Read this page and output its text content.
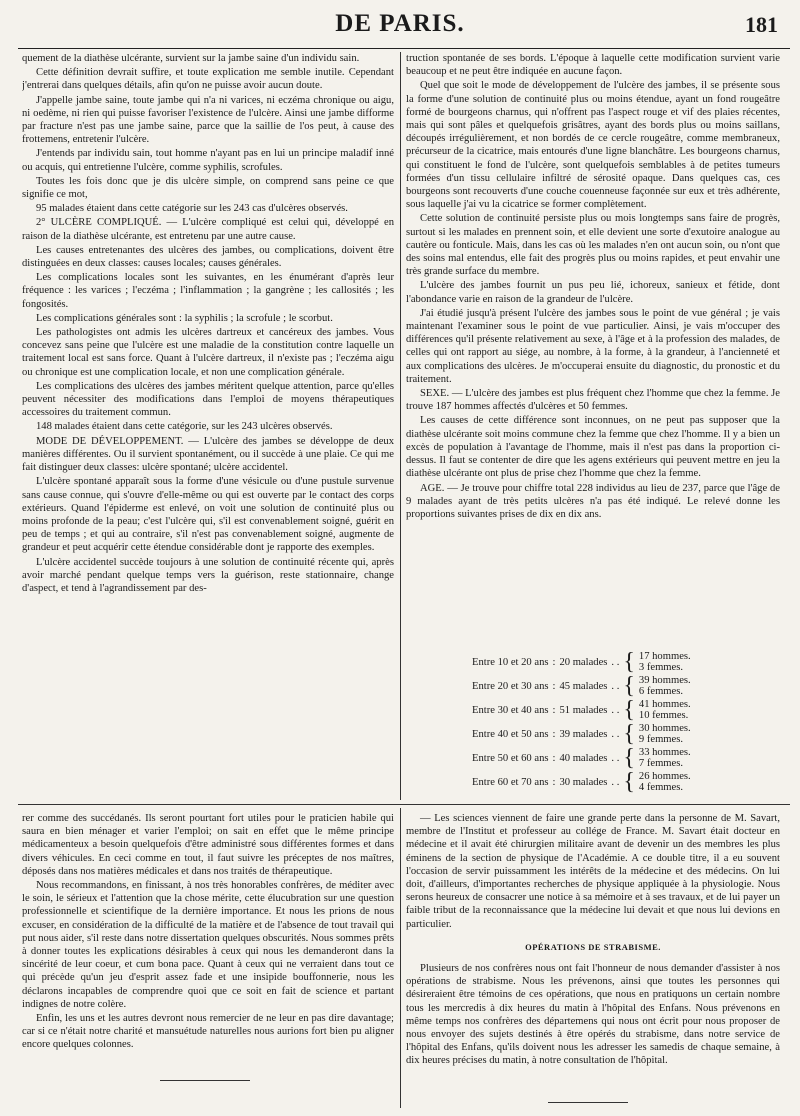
DE PARIS.	181

quement de la diathèse ulcérante, survient sur la jambe saine d'un individu sain.

Cette définition devrait suffire, et toute explication me semble inutile. Cependant j'entrerai dans quelques détails, afin qu'on ne puisse avoir aucun doute.

J'appelle jambe saine, toute jambe qui n'a ni varices, ni eczéma chronique ou aigu, ni oedème, ni rien qui puisse favoriser l'existence de l'ulcère. Ainsi une jambe difforme par fracture n'est pas une jambe saine, parce que la saillie de l'os peut, à cause des frottemens, entretenir l'ulcère.

J'entends par individu sain, tout homme n'ayant pas en lui un principe maladif inné ou acquis, qui entretienne l'ulcère, comme syphilis, scrofules.

Toutes les fois donc que je dis ulcère simple, on comprend sans peine ce que signifie ce mot,

95 malades étaient dans cette catégorie sur les 243 cas d'ulcères observés.

2° ULCÈRE COMPLIQUÉ. — L'ulcère compliqué est celui qui, développé en raison de la diathèse ulcérante, est entretenu par une autre cause.

Les causes entretenantes des ulcères des jambes, ou complications, doivent être distinguées en deux classes: causes locales; causes générales.

Les complications locales sont les suivantes, en les énumérant d'après leur fréquence : les varices ; l'eczéma ; l'inflammation ; la gangrène ; les callosités ; les fongosités.

Les complications générales sont : la syphilis ; la scrofule ; le scorbut.

Les pathologistes ont admis les ulcères dartreux et cancéreux des jambes. Vous concevez sans peine que l'ulcère est une maladie de la constitution contre laquelle un traitement local est sans force. Quant à l'ulcère dartreux, il n'existe pas ; l'eczéma aigu ou chronique est une complication locale, et non une complication générale.

Les complications des ulcères des jambes méritent quelque attention, parce qu'elles peuvent nécessiter des modifications dans l'emploi de moyens thérapeutiques accessoires du traitement commun.

148 malades étaient dans cette catégorie, sur les 243 ulcères observés.

MODE DE DÉVELOPPEMENT. — L'ulcère des jambes se développe de deux manières différentes. Ou il survient spontanément, ou il succède à une plaie. Ce qui me fait distinguer deux classes: ulcère spontané; ulcère accidentel.

L'ulcère spontané apparaît sous la forme d'une vésicule ou d'une pustule survenue sans cause connue, qui s'ouvre d'elle-même ou qui est ouverte par le contact des corps extérieurs. Quand l'épiderme est enlevé, on voit une solution de continuité plus ou moins profonde de la peau; c'est l'ulcère qui, s'il est convenablement soigné, guérit en peu de temps ; et qui au contraire, s'il n'est pas convenablement soigné, augmente de grandeur et peut acquérir cette étendue considérable dont je rapporte des exemples.

L'ulcère accidentel succède toujours à une solution de continuité récente qui, après avoir marché pendant quelque temps vers la guérison, reste stationnaire, change d'aspect, et tend à l'agrandissement par des-

truction spontanée de ses bords. L'époque à laquelle cette modification survient varie beaucoup et ne peut être indiquée en aucune façon.

Quel que soit le mode de développement de l'ulcère des jambes, il se présente sous la forme d'une solution de continuité plus ou moins étendue, ayant un fond rougeâtre formé de bourgeons charnus, qui n'offrent pas l'aspect rouge et vif des plaies récentes, mais qui sont pâles et quelquefois grisâtres, ayant des bords plus ou moins saillans, découpés irrégulièrement, et non bordés de ce cercle rougeâtre, comme membraneux, précurseur de la cicatrice, mais entourés d'une ligne blanchâtre. Les bourgeons charnus, qui constituent le fond de l'ulcère, sont quelquefois semblables à de petites tumeurs formées d'un tissu cellulaire infiltré de sérosité opaque. Dans quelques cas, ces bourgeons sont recouverts d'une couche couenneuse façonnée sur eux et très adhérente, sous laquelle j'ai vu la cicatrice se former complètement.

Cette solution de continuité persiste plus ou mois longtemps sans faire de progrès, surtout si les malades en prennent soin, et elle devient une sorte d'exutoire analogue au cautère ou fonticule. Mais, dans les cas où les malades n'en ont aucun soin, ou n'ont que des soins mal entendus, elle fait des progrès plus ou moins rapides, et peut envahir une très grande surface du membre.

L'ulcère des jambes fournit un pus peu lié, ichoreux, sanieux et fétide, dont l'abondance varie en raison de la grandeur de l'ulcère.

J'ai étudié jusqu'à présent l'ulcère des jambes sous le point de vue général ; je vais maintenant l'examiner sous le point de vue particulier. Ainsi, je vais m'occuper des différences qu'il présente relativement au sexe, à l'âge et à la profession des malades, de celles qui ont rapport au siége, au nombre, à la forme, à la grandeur, à l'ancienneté et aux complications des ulcères. Je m'occuperai ensuite du diagnostic, du pronostic et du traitement.

SEXE. — L'ulcère des jambes est plus fréquent chez l'homme que chez la femme. Je trouve 187 hommes affectés d'ulcères et 50 femmes.

Les causes de cette différence sont inconnues, on ne peut pas supposer que la diathèse ulcérante soit moins commune chez la femme que chez l'homme. Il y a bien un excès de population à l'avantage de l'homme, mais il n'est pas dans la proportion ci-dessus. Il faut se contenter de dire que les agens extérieurs qui peuvent mettre en jeu la diathèse ulcérante ont plus de prise chez l'homme que chez la femme.

AGE. — Je trouve pour chiffre total 228 individus au lieu de 237, parce que l'âge de 9 malades ayant de très petits ulcères n'a pas été indiqué. Le relevé donne les proportions suivantes prises de dix en dix ans.

Entre 10 et 20 ans	:	20 malades	. .	{	17 hommes.
3 femmes.

Entre 20 et 30 ans	:	45 malades	. .	{	39 hommes.
6 femmes.

Entre 30 et 40 ans	:	51 malades	. .	{	41 hommes.
10 femmes.

Entre 40 et 50 ans	:	39 malades	. .	{	30 hommes.
9 femmes.

Entre 50 et 60 ans	:	40 malades	. .	{	33 hommes.
7 femmes.

Entre 60 et 70 ans	:	30 malades	. .	{	26 hommes.
4 femmes.

rer comme des succédanés. Ils seront pourtant fort utiles pour le praticien habile qui saura en bien ménager et varier l'emploi; on sait en effet que le même principe médicamenteux a besoin quelquefois d'être administré sous différentes formes et dans divers véhicules. En ceci comme en tout, il faut suivre les préceptes de nos maîtres, déposés dans nos matières médicales et dans nos traités de thérapeutique.

Nous recommandons, en finissant, à nos très honorables confrères, de méditer avec le soin, le sérieux et l'attention que la chose mérite, cette élucubration sur une question professionnelle et scientifique de la dernière importance. Et nous les prions de nous excuser, en considération de la difficulté de la matière et de l'absence de tout travail qui put nous aider, s'il reste dans notre dissertation quelques obscurités. Nous sommes prêts à donner toutes les explications désirables à ceux qui nous les demanderont dans la sincérité de leur coeur, et cum bona pace. Quant à ceux qui ne verraient dans tout ce qui précède qu'un jeu d'esprit assez fade et une insipide bouffonnerie, nous les déclarons incapables de comprendre quoi que ce soit en fait de science et partant indignes de notre colère.

Enfin, les uns et les autres devront nous remercier de ne leur en pas dire davantage; car si ce n'était notre charité et mansuétude naturelles nous aurions fort bien pu aligner encore quelques colonnes.

— Les sciences viennent de faire une grande perte dans la personne de M. Savart, membre de l'Institut et professeur au collége de France. M. Savart était docteur en médecine et il avait été chirurgien militaire avant de devenir un des membres les plus éminens de la section de physique de l'Académie. A ce double titre, il a eu souvent l'occasion de servir puissamment les intérêts de la médecine et des médecins. On lui doit, d'ailleurs, d'importantes recherches de physique appliquée à la physiologie. Nous serons heureux de consacrer une notice à sa mémoire et à ses travaux, et de lui payer un faible tribut de la reconnaissance que la médecine lui devait et que nous lui devions en particulier.

OPÉRATIONS DE STRABISME.

Plusieurs de nos confrères nous ont fait l'honneur de nous demander d'assister à nos opérations de strabisme. Nous les prévenons, ainsi que toutes les personnes qui désireraient être témoins de ces opérations, que nous en pratiquons un certain nombre tous les mercredis à dix heures du matin à l'hôpital des Enfans. Nous prévenons en même temps nos confrères des départemens qui nous ont écrit pour nous proposer de nous envoyer des sujets destinés à être opérés du strabisme, dans notre service de l'hôpital des Enfans, qu'ils doivent nous les adresser les samedis de chaque semaine, à dix heures précises du matin, à notre consultation de l'hôpital.
